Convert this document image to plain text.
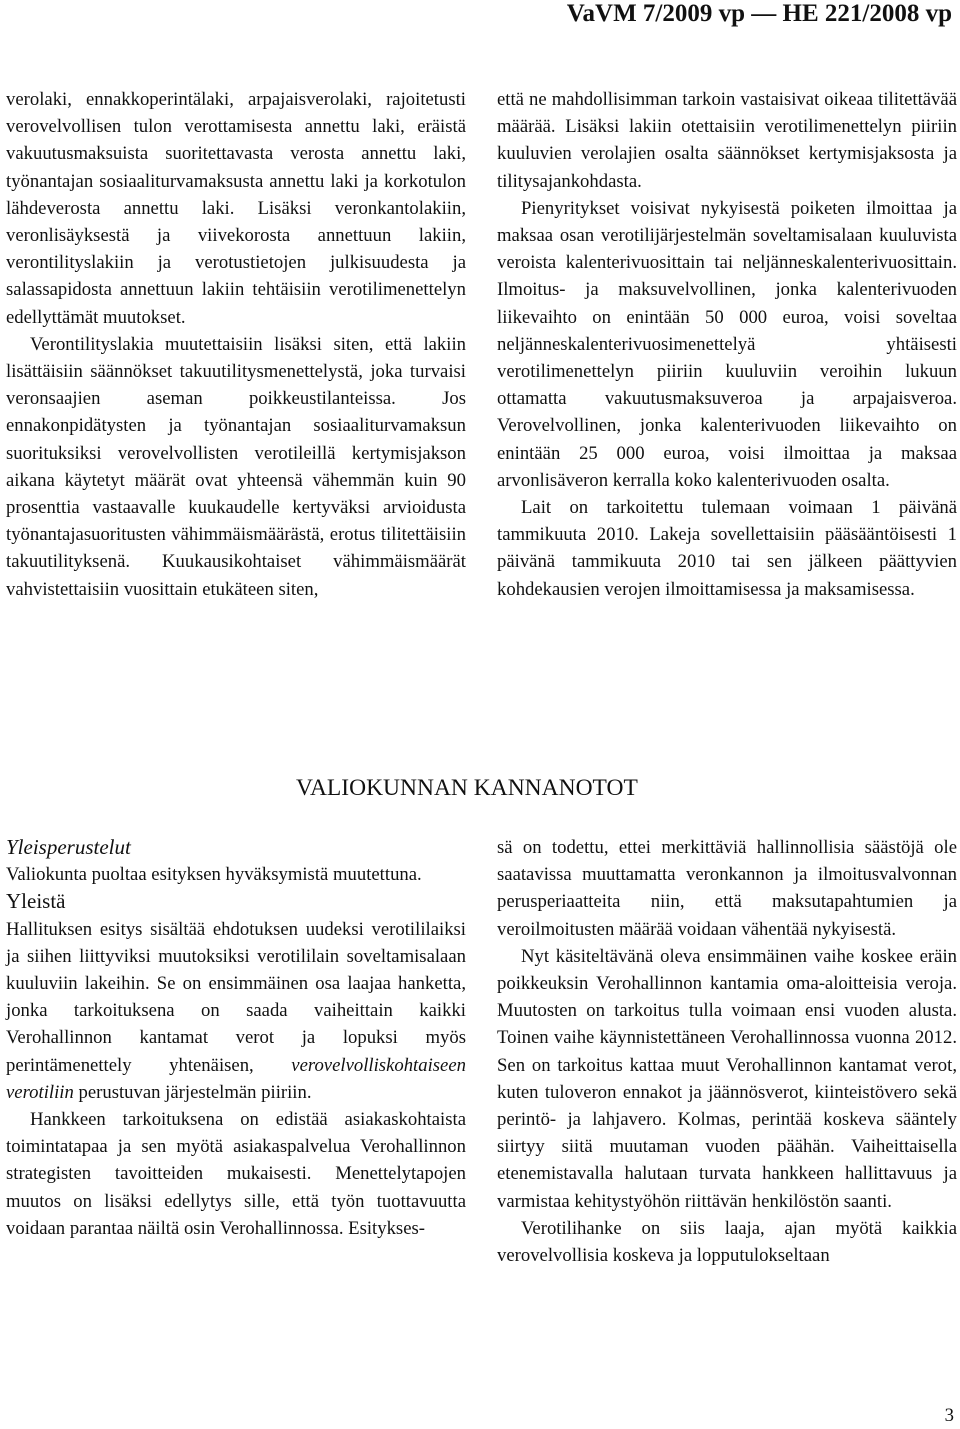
VaVM 7/2009 vp — HE 221/2008 vp

verolaki, ennakkoperintälaki, arpajaisverolaki, rajoitetusti verovelvollisen tulon verottamisesta annettu laki, eräistä vakuutusmaksuista suoritettavasta verosta annettu laki, työnantajan sosiaaliturvamaksusta annettu laki ja korkotulon lähdeverosta annettu laki. Lisäksi veronkantolakiin, veronlisäyksestä ja viivekorosta annettuun lakiin, verontilityslakiin ja verotustietojen julkisuudesta ja salassapidosta annettuun lakiin tehtäisiin verotilimenettelyn edellyttämät muutokset.

Verontilityslakia muutettaisiin lisäksi siten, että lakiin lisättäisiin säännökset takuutilitysmenettelystä, joka turvaisi veronsaajien aseman poikkeustilanteissa. Jos ennakonpidätysten ja työnantajan sosiaaliturvamaksun suorituksiksi verovelvollisten verotileillä kertymisjakson aikana käytetyt määrät ovat yhteensä vähemmän kuin 90 prosenttia vastaavalle kuukaudelle kertyväksi arvioidusta työnantajasuoritusten vähimmäismäärästä, erotus tilitettäisiin takuutilityksenä. Kuukausikohtaiset vähimmäismäärät vahvistettaisiin vuosittain etukäteen siten,

että ne mahdollisimman tarkoin vastaisivat oikeaa tilitettävää määrää. Lisäksi lakiin otettaisiin verotilimenettelyn piiriin kuuluvien verolajien osalta säännökset kertymisjaksosta ja tilitysajankohdasta.

Pienyritykset voisivat nykyisestä poiketen ilmoittaa ja maksaa osan verotilijärjestelmän soveltamisalaan kuuluvista veroista kalenterivuosittain tai neljänneskalenterivuosittain. Ilmoitus- ja maksuvelvollinen, jonka kalenterivuoden liikevaihto on enintään 50 000 euroa, voisi soveltaa neljänneskalenterivuosimenettelyä yhtäisesti verotilimenettelyn piiriin kuuluviin veroihin lukuun ottamatta vakuutusmaksuveroa ja arpajaisveroa. Verovelvollinen, jonka kalenterivuoden liikevaihto on enintään 25 000 euroa, voisi ilmoittaa ja maksaa arvonlisäveron kerralla koko kalenterivuoden osalta.

Lait on tarkoitettu tulemaan voimaan 1 päivänä tammikuuta 2010. Lakeja sovellettaisiin pääsääntöisesti 1 päivänä tammikuuta 2010 tai sen jälkeen päättyvien kohdekausien verojen ilmoittamisessa ja maksamisessa.

VALIOKUNNAN KANNANOTOT

Yleisperustelut

Valiokunta puoltaa esityksen hyväksymistä muutettuna.

Yleistä

Hallituksen esitys sisältää ehdotuksen uudeksi verotililaiksi ja siihen liittyviksi muutoksiksi verotililain soveltamisalaan kuuluviin lakeihin. Se on ensimmäinen osa laajaa hanketta, jonka tarkoituksena on saada vaiheittain kaikki Verohallinnon kantamat verot ja lopuksi myös perintämenettely yhtenäisen, verovelvolliskohtaiseen verotiliin perustuvan järjestelmän piiriin.

Hankkeen tarkoituksena on edistää asiakaskohtaista toimintatapaa ja sen myötä asiakaspalvelua Verohallinnon strategisten tavoitteiden mukaisesti. Menettelytapojen muutos on lisäksi edellytys sille, että työn tuottavuutta voidaan parantaa näiltä osin Verohallinnossa. Esitykses-

sä on todettu, ettei merkittäviä hallinnollisia säästöjä ole saatavissa muuttamatta veronkannon ja ilmoitusvalvonnan perusperiaatteita niin, että maksutapahtumien ja veroilmoitusten määrää voidaan vähentää nykyisestä.

Nyt käsiteltävänä oleva ensimmäinen vaihe koskee eräin poikkeuksin Verohallinnon kantamia oma-aloitteisia veroja. Muutosten on tarkoitus tulla voimaan ensi vuoden alusta. Toinen vaihe käynnistettäneen Verohallinnossa vuonna 2012. Sen on tarkoitus kattaa muut Verohallinnon kantamat verot, kuten tuloveron ennakot ja jäännösverot, kiinteistövero sekä perintö- ja lahjavero. Kolmas, perintää koskeva sääntely siirtyy siitä muutaman vuoden päähän. Vaiheittaisella etenemistavalla halutaan turvata hankkeen hallittavuus ja varmistaa kehitystyöhön riittävän henkilöstön saanti.

Verotilihanke on siis laaja, ajan myötä kaikkia verovelvollisia koskeva ja lopputulokseltaan

3
